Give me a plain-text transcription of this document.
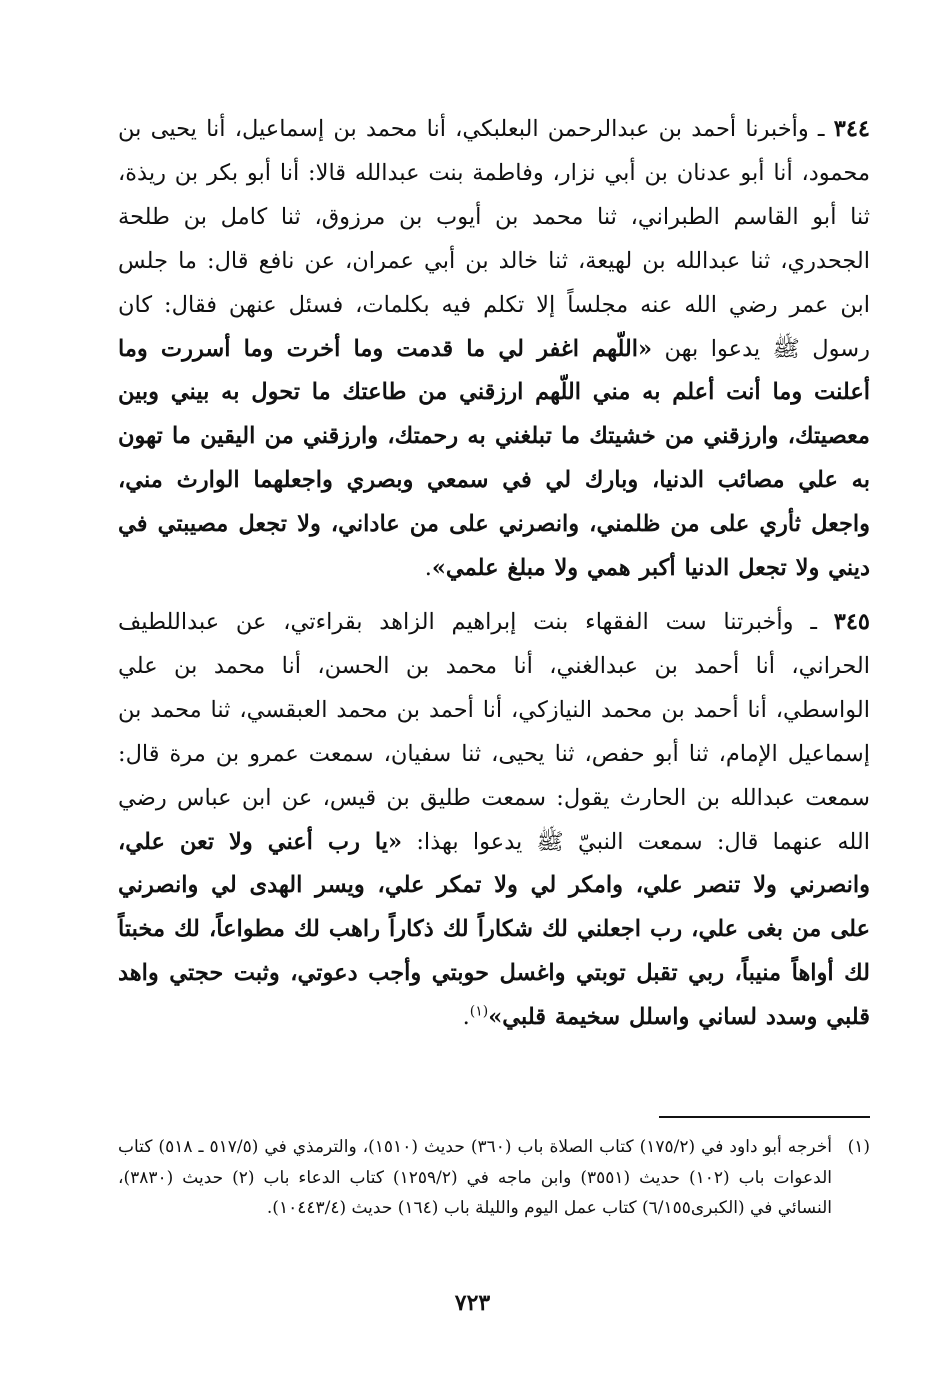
٣٤٤ ـ وأخبرنا أحمد بن عبدالرحمن البعلبكي، أنا محمد بن إسماعيل، أنا يحيى بن محمود، أنا أبو عدنان بن أبي نزار، وفاطمة بنت عبدالله قالا: أنا أبو بكر بن ريذة، ثنا أبو القاسم الطبراني، ثنا محمد بن أيوب بن مرزوق، ثنا كامل بن طلحة الجحدري، ثنا عبدالله بن لهيعة، ثنا خالد بن أبي عمران، عن نافع قال: ما جلس ابن عمر رضي الله عنه مجلساً إلا تكلم فيه بكلمات، فسئل عنهن فقال: كان رسول ﷺ يدعوا بهن «اللّهم اغفر لي ما قدمت وما أخرت وما أسررت وما أعلنت وما أنت أعلم به مني اللّهم ارزقني من طاعتك ما تحول به بيني وبين معصيتك، وارزقني من خشيتك ما تبلغني به رحمتك، وارزقني من اليقين ما تهون به علي مصائب الدنيا، وبارك لي في سمعي وبصري واجعلهما الوارث مني، واجعل ثأري على من ظلمني، وانصرني على من عاداني، ولا تجعل مصيبتي في ديني ولا تجعل الدنيا أكبر همي ولا مبلغ علمي».

٣٤٥ ـ وأخبرتنا ست الفقهاء بنت إبراهيم الزاهد بقراءتي، عن عبداللطيف الحراني، أنا أحمد بن عبدالغني، أنا محمد بن الحسن، أنا محمد بن علي الواسطي، أنا أحمد بن محمد النيازكي، أنا أحمد بن محمد العبقسي، ثنا محمد بن إسماعيل الإمام، ثنا أبو حفص، ثنا يحيى، ثنا سفيان، سمعت عمرو بن مرة قال: سمعت عبدالله بن الحارث يقول: سمعت طليق بن قيس، عن ابن عباس رضي الله عنهما قال: سمعت النبيّ ﷺ يدعوا بهذا: «يا رب أعني ولا تعن علي، وانصرني ولا تنصر علي، وامكر لي ولا تمكر علي، ويسر الهدى لي وانصرني على من بغى علي، رب اجعلني لك شكاراً لك ذكاراً راهب لك مطواعاً، لك مخبتاً لك أواهاً منيباً، ربي تقبل توبتي واغسل حوبتي وأجب دعوتي، وثبت حجتي واهد قلبي وسدد لساني واسلل سخيمة قلبي»$^{(١)}$.

(١)
أخرجه أبو داود في (١٧٥/٢) كتاب الصلاة باب (٣٦٠) حديث (١٥١٠)، والترمذي في (٥١٧/٥ ـ ٥١٨) كتاب الدعوات باب (١٠٢) حديث (٣٥٥١) وابن ماجه في (١٢٥٩/٢) كتاب الدعاء باب (٢) حديث (٣٨٣٠)، النسائي في (الكبرى٦/١٥٥) كتاب عمل اليوم والليلة باب (١٦٤) حديث (١٠٤٤٣/٤).

٧٢٣
